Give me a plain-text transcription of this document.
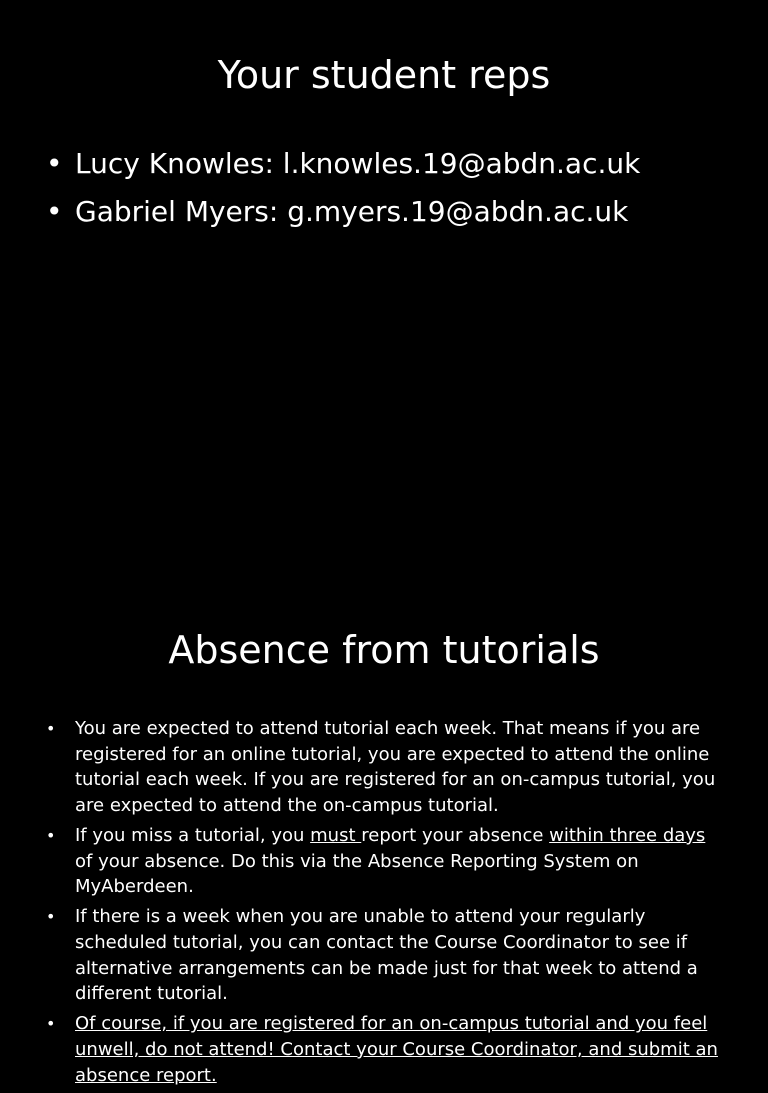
Your student reps
• Lucy Knowles: l.knowles.19@abdn.ac.uk
• Gabriel Myers: g.myers.19@abdn.ac.uk
Absence from tutorials
• You are expected to attend tutorial each week. That means if you are registered for an online tutorial, you are expected to attend the online tutorial each week. If you are registered for an on-campus tutorial, you are expected to attend the on-campus tutorial.
• If you miss a tutorial, you must report your absence within three days of your absence. Do this via the Absence Reporting System on MyAberdeen.
• If there is a week when you are unable to attend your regularly scheduled tutorial, you can contact the Course Coordinator to see if alternative arrangements can be made just for that week to attend a different tutorial.
• Of course, if you are registered for an on-campus tutorial and you feel unwell, do not attend! Contact your Course Coordinator, and submit an absence report.
